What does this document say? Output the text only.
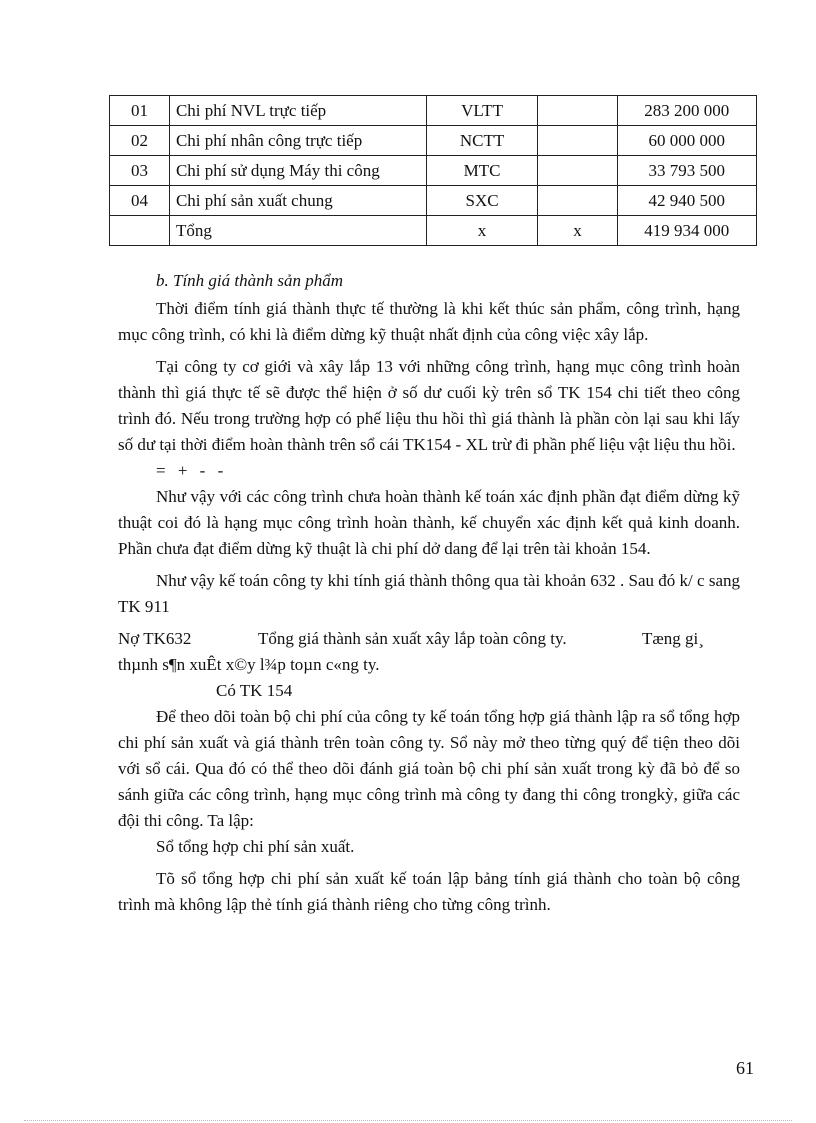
01	Chi phí NVL trực tiếp	VLTT		283 200 000
02	Chi phí nhân công trực tiếp	NCTT		60 000 000
03	Chi phí sử dụng Máy thi công	MTC		33 793 500
04	Chi phí sản xuất chung	SXC		42 940 500
	Tổng	x	x	419 934 000

b. Tính giá thành sản phẩm

Thời điểm tính giá thành thực tế thường là khi kết thúc sản phẩm, công trình, hạng mục công trình, có khi là điểm dừng kỹ thuật nhất định của công việc xây lắp.

Tại công ty cơ giới và xây lắp 13 với những công trình, hạng mục công trình hoàn thành thì giá thực tế sẽ được thể hiện ở số dư cuối kỳ trên sổ TK 154 chi tiết theo công trình đó. Nếu trong trường hợp có phế liệu thu hồi thì giá thành là phần còn lại sau khi lấy số dư tại thời điểm hoàn thành trên sổ cái TK154 - XL trừ đi phần phế liệu vật liệu thu hồi.

= + - -

Như vậy với các công trình chưa hoàn thành kế toán xác định phần đạt điểm dừng kỹ thuật coi đó là hạng mục công trình hoàn thành, kế chuyển xác định kết quả kinh doanh. Phần chưa đạt điểm dừng kỹ thuật là chi phí dở dang để lại trên tài khoản 154.

Như vậy kế toán công ty khi tính giá thành thông qua tài khoản 632 . Sau đó k/ c sang TK 911

Nợ TK632	Tổng giá thành sản xuất xây lắp toàn công ty.	Tæng gi¸

thµnh s¶n xuÊt x©y l¾p toµn c«ng ty.

Có TK 154

Để theo dõi toàn bộ chi phí của công ty kế toán tổng hợp giá thành lập ra sổ tổng hợp chi phí sản xuất và giá thành trên toàn công ty. Sổ này mở theo từng quý để tiện theo dõi với sổ cái. Qua đó có thể theo dõi đánh giá toàn bộ chi phí sản xuất trong kỳ đã bỏ để so sánh giữa các công trình, hạng mục công trình mà công ty đang thi công trongkỳ, giữa các đội thi công. Ta lập:

Sổ tổng hợp chi phí sản xuất.

Tõ sổ tổng hợp chi phí sản xuất kế toán lập bảng tính giá thành cho toàn bộ công trình mà không lập thẻ tính giá thành riêng cho từng công trình.

61
